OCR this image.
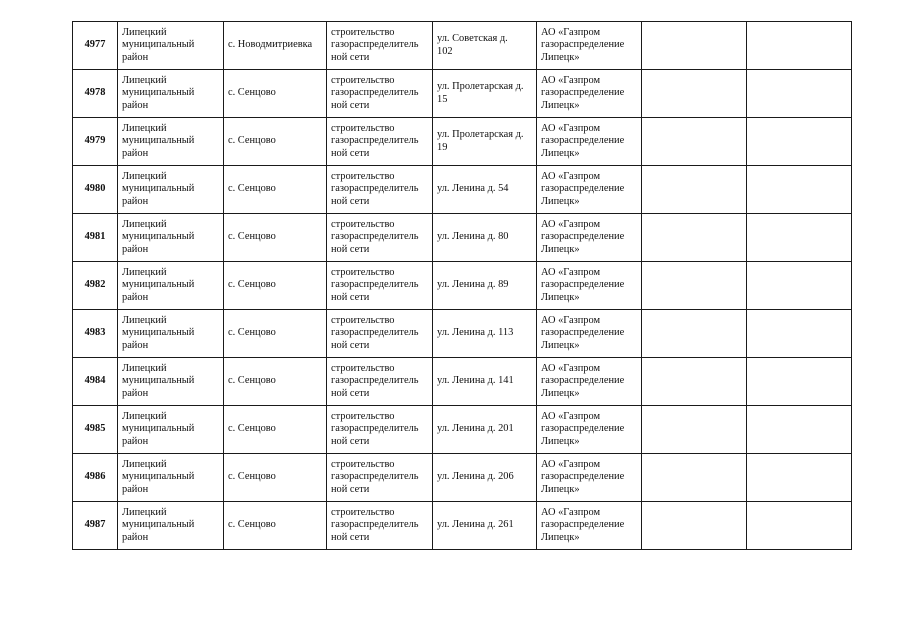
4977	Липецкий
муниципальный
район	с. Новодмитриевка	строительство
газораспределитель
ной сети	ул. Советская д.
102	АО «Газпром
газораспределение
Липецк»		

4978	Липецкий
муниципальный
район	с. Сенцово	строительство
газораспределитель
ной сети	ул. Пролетарская д.
15	АО «Газпром
газораспределение
Липецк»		

4979	Липецкий
муниципальный
район	с. Сенцово	строительство
газораспределитель
ной сети	ул. Пролетарская д.
19	АО «Газпром
газораспределение
Липецк»		

4980	Липецкий
муниципальный
район	с. Сенцово	строительство
газораспределитель
ной сети	ул. Ленина д. 54	АО «Газпром
газораспределение
Липецк»		

4981	Липецкий
муниципальный
район	с. Сенцово	строительство
газораспределитель
ной сети	ул. Ленина д. 80	АО «Газпром
газораспределение
Липецк»		

4982	Липецкий
муниципальный
район	с. Сенцово	строительство
газораспределитель
ной сети	ул. Ленина д. 89	АО «Газпром
газораспределение
Липецк»		

4983	Липецкий
муниципальный
район	с. Сенцово	строительство
газораспределитель
ной сети	ул. Ленина д. 113	АО «Газпром
газораспределение
Липецк»		

4984	Липецкий
муниципальный
район	с. Сенцово	строительство
газораспределитель
ной сети	ул. Ленина д. 141	АО «Газпром
газораспределение
Липецк»		

4985	Липецкий
муниципальный
район	с. Сенцово	строительство
газораспределитель
ной сети	ул. Ленина д. 201	АО «Газпром
газораспределение
Липецк»		

4986	Липецкий
муниципальный
район	с. Сенцово	строительство
газораспределитель
ной сети	ул. Ленина д. 206	АО «Газпром
газораспределение
Липецк»		

4987	Липецкий
муниципальный
район	с. Сенцово	строительство
газораспределитель
ной сети	ул. Ленина д. 261	АО «Газпром
газораспределение
Липецк»		
